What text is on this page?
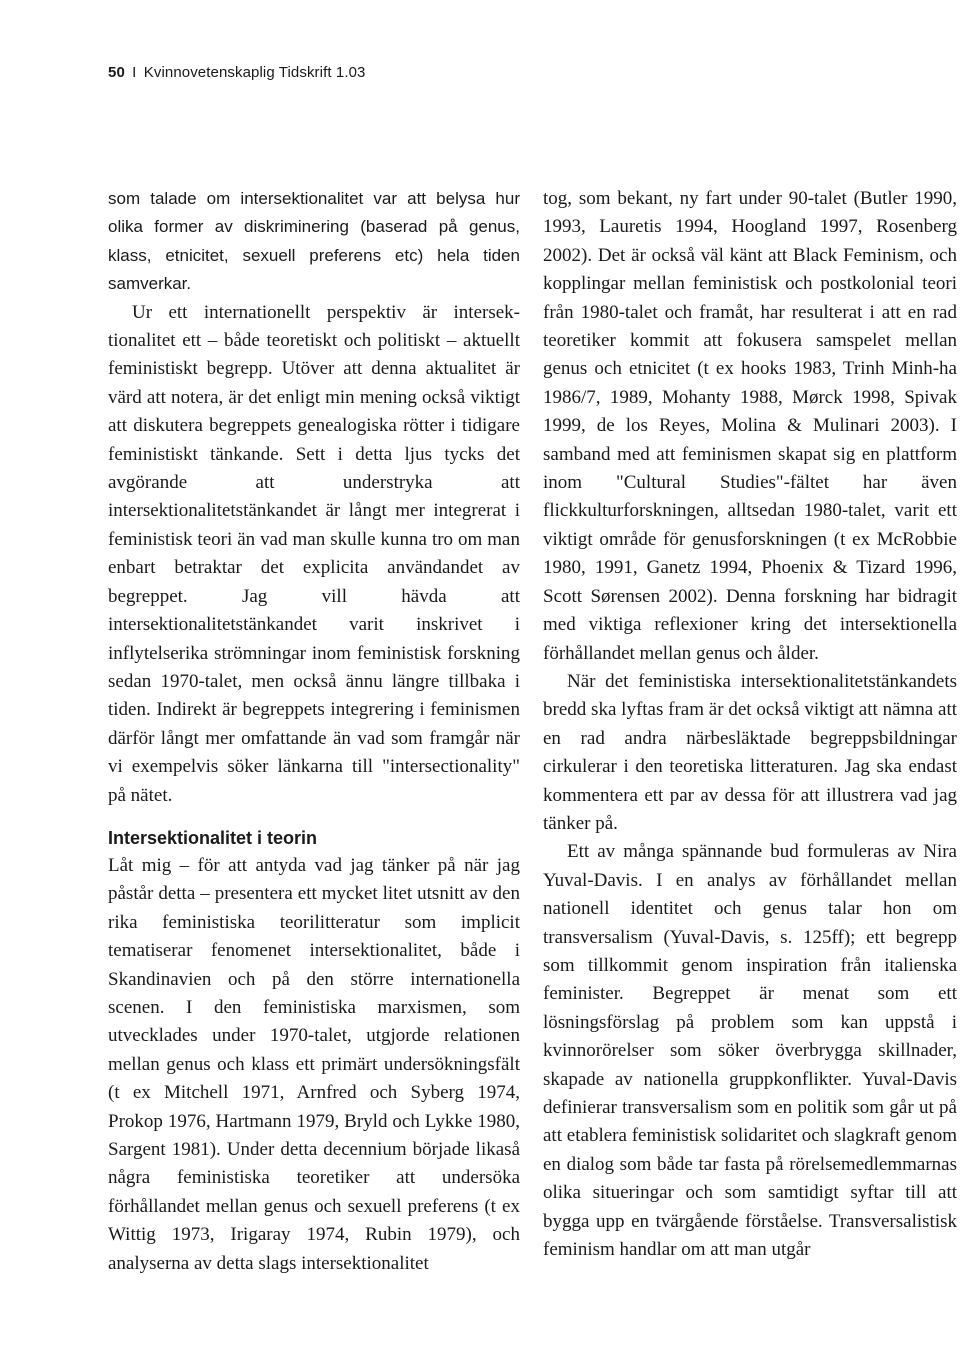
50 I Kvinnovetenskaplig Tidskrift 1.03

som talade om intersektionalitet var att belysa hur olika former av diskriminering (baserad på genus, klass, etnicitet, sexuell preferens etc) hela tiden samverkar.

Ur ett internationellt perspektiv är intersektionalitet ett – både teoretiskt och politiskt – aktuellt feministiskt begrepp. Utöver att denna aktualitet är värd att notera, är det enligt min mening också viktigt att diskutera begreppets genealogiska rötter i tidigare feministiskt tänkande. Sett i detta ljus tycks det avgörande att understryka att intersektionalitetstänkandet är långt mer integrerat i feministisk teori än vad man skulle kunna tro om man enbart betraktar det explicita användandet av begreppet. Jag vill hävda att intersektionalitetstänkandet varit inskrivet i inflytelserika strömningar inom feministisk forskning sedan 1970-talet, men också ännu längre tillbaka i tiden. Indirekt är begreppets integrering i feminismen därför långt mer omfattande än vad som framgår när vi exempelvis söker länkarna till "intersectionality" på nätet.

Intersektionalitet i teorin

Låt mig – för att antyda vad jag tänker på när jag påstår detta – presentera ett mycket litet utsnitt av den rika feministiska teorilitteratur som implicit tematiserar fenomenet intersektionalitet, både i Skandinavien och på den större internationella scenen. I den feministiska marxismen, som utvecklades under 1970-talet, utgjorde relationen mellan genus och klass ett primärt undersökningsfält (t ex Mitchell 1971, Arnfred och Syberg 1974, Prokop 1976, Hartmann 1979, Bryld och Lykke 1980, Sargent 1981). Under detta decennium började likaså några feministiska teoretiker att undersöka förhållandet mellan genus och sexuell preferens (t ex Wittig 1973, Irigaray 1974, Rubin 1979), och analyserna av detta slags intersektionalitet

tog, som bekant, ny fart under 90-talet (Butler 1990, 1993, Lauretis 1994, Hoogland 1997, Rosenberg 2002). Det är också väl känt att Black Feminism, och kopplingar mellan feministisk och postkolonial teori från 1980-talet och framåt, har resulterat i att en rad teoretiker kommit att fokusera samspelet mellan genus och etnicitet (t ex hooks 1983, Trinh Minh-ha 1986/7, 1989, Mohanty 1988, Mørck 1998, Spivak 1999, de los Reyes, Molina & Mulinari 2003). I samband med att feminismen skapat sig en plattform inom "Cultural Studies"-fältet har även flickkulturforskningen, alltsedan 1980-talet, varit ett viktigt område för genusforskningen (t ex McRobbie 1980, 1991, Ganetz 1994, Phoenix & Tizard 1996, Scott Sørensen 2002). Denna forskning har bidragit med viktiga reflexioner kring det intersektionella förhållandet mellan genus och ålder.

När det feministiska intersektionalitetstänkandets bredd ska lyftas fram är det också viktigt att nämna att en rad andra närbesläktade begreppsbildningar cirkulerar i den teoretiska litteraturen. Jag ska endast kommentera ett par av dessa för att illustrera vad jag tänker på.

Ett av många spännande bud formuleras av Nira Yuval-Davis. I en analys av förhållandet mellan nationell identitet och genus talar hon om transversalism (Yuval-Davis, s. 125ff); ett begrepp som tillkommit genom inspiration från italienska feminister. Begreppet är menat som ett lösningsförslag på problem som kan uppstå i kvinnorörelser som söker överbrygga skillnader, skapade av nationella gruppkonflikter. Yuval-Davis definierar transversalism som en politik som går ut på att etablera feministisk solidaritet och slagkraft genom en dialog som både tar fasta på rörelsemedlemmarnas olika situeringar och som samtidigt syftar till att bygga upp en tvärgående förståelse. Transversalistisk feminism handlar om att man utgår
